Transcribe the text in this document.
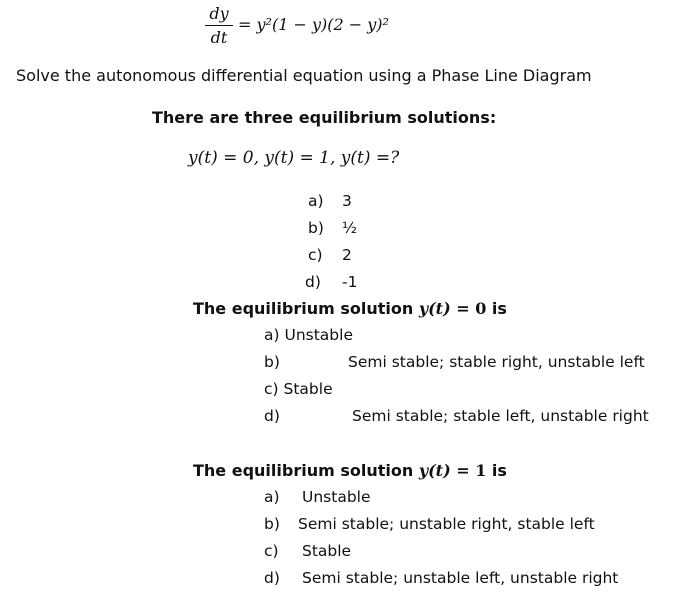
dy
dt
= y²(1 − y)(2 − y)²
Solve the autonomous differential equation using a Phase Line Diagram
There are three equilibrium solutions:
y(t) = 0, y(t) = 1, y(t) =?
a) 3
b) ½
c) 2
d) -1
The equilibrium solution y(t) = 0 is
a) Unstable
b)	Semi stable; stable right, unstable left
c) Stable
d)	Semi stable; stable left, unstable right
The equilibrium solution y(t) = 1 is
a) Unstable
b) Semi stable; unstable right, stable left
c) Stable
d) Semi stable; unstable left, unstable right
